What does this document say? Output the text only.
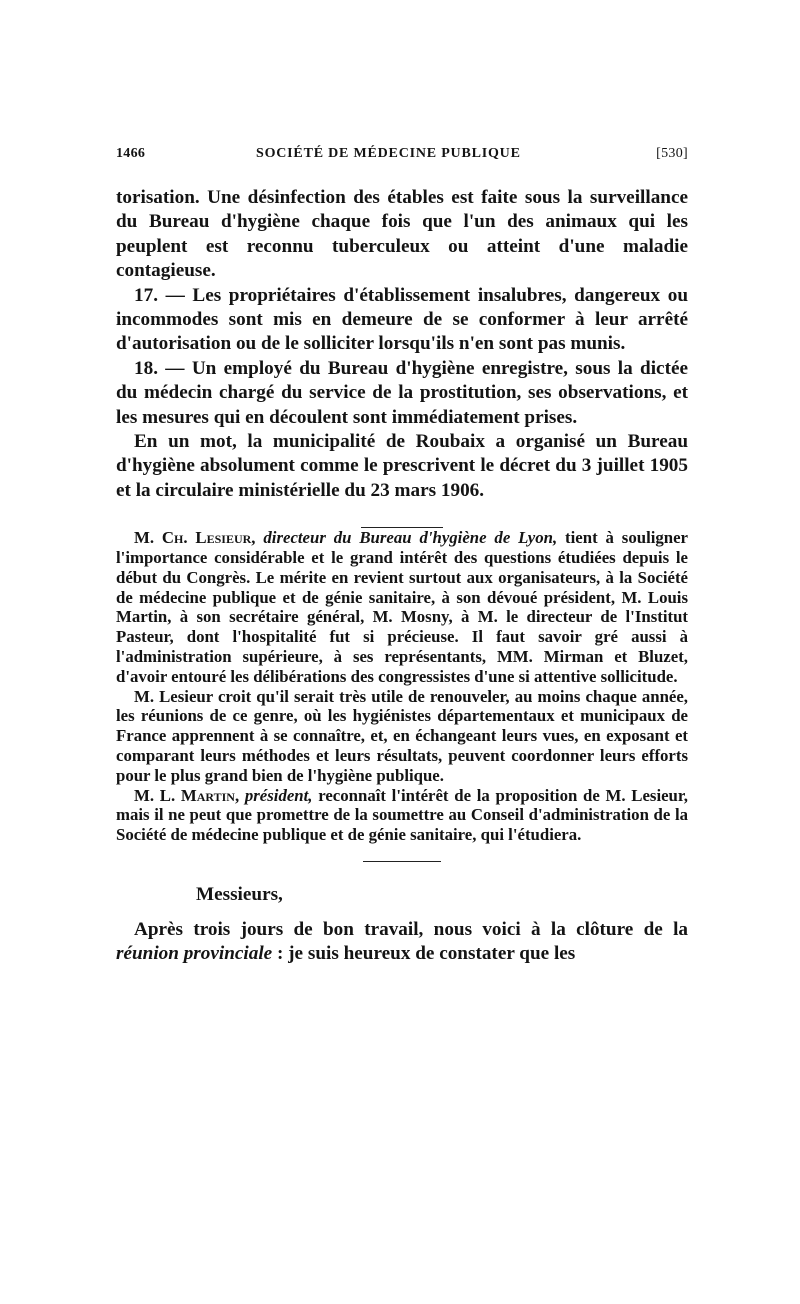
1466	SOCIÉTÉ DE MÉDECINE PUBLIQUE	[530]

torisation. Une désinfection des étables est faite sous la surveillance du Bureau d'hygiène chaque fois que l'un des animaux qui les peuplent est reconnu tuberculeux ou atteint d'une maladie contagieuse.

17. — Les propriétaires d'établissement insalubres, dangereux ou incommodes sont mis en demeure de se conformer à leur arrêté d'autorisation ou de le solliciter lorsqu'ils n'en sont pas munis.

18. — Un employé du Bureau d'hygiène enregistre, sous la dictée du médecin chargé du service de la prostitution, ses observations, et les mesures qui en découlent sont immédiatement prises.

En un mot, la municipalité de Roubaix a organisé un Bureau d'hygiène absolument comme le prescrivent le décret du 3 juillet 1905 et la circulaire ministérielle du 23 mars 1906.

M. Ch. Lesieur, directeur du Bureau d'hygiène de Lyon, tient à souligner l'importance considérable et le grand intérêt des questions étudiées depuis le début du Congrès. Le mérite en revient surtout aux organisateurs, à la Société de médecine publique et de génie sanitaire, à son dévoué président, M. Louis Martin, à son secrétaire général, M. Mosny, à M. le directeur de l'Institut Pasteur, dont l'hospitalité fut si précieuse. Il faut savoir gré aussi à l'administration supérieure, à ses représentants, MM. Mirman et Bluzet, d'avoir entouré les délibérations des congressistes d'une si attentive sollicitude.

M. Lesieur croit qu'il serait très utile de renouveler, au moins chaque année, les réunions de ce genre, où les hygiénistes départementaux et municipaux de France apprennent à se connaître, et, en échangeant leurs vues, en exposant et comparant leurs méthodes et leurs résultats, peuvent coordonner leurs efforts pour le plus grand bien de l'hygiène publique.

M. L. Martin, président, reconnaît l'intérêt de la proposition de M. Lesieur, mais il ne peut que promettre de la soumettre au Conseil d'administration de la Société de médecine publique et de génie sanitaire, qui l'étudiera.

Messieurs,

Après trois jours de bon travail, nous voici à la clôture de la réunion provinciale : je suis heureux de constater que les
